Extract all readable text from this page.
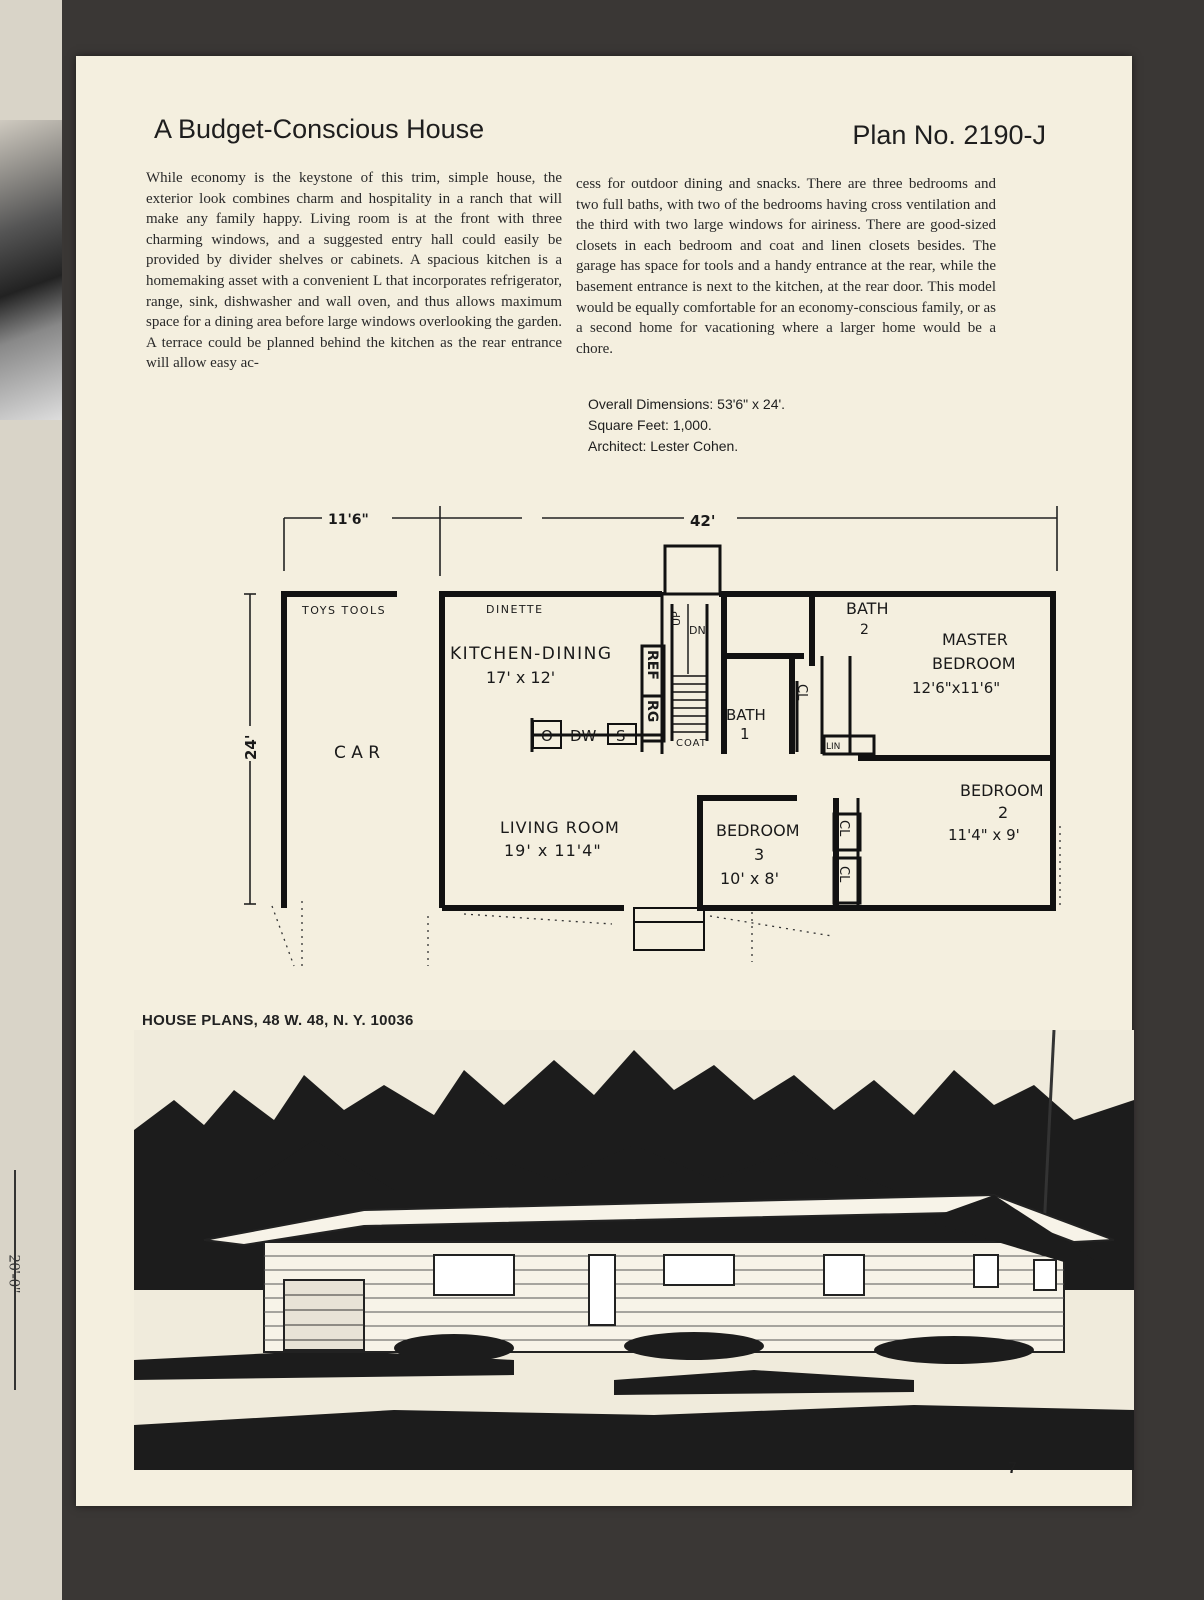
20'-0"
A Budget-Conscious House	Plan No. 2190-J
While economy is the keystone of this trim, simple house, the exterior look combines charm and hospitality in a ranch that will make any family happy. Living room is at the front with three charming windows, and a suggested entry hall could easily be provided by divider shelves or cabinets. A spacious kitchen is a homemaking asset with a convenient L that incorporates refrigerator, range, sink, dishwasher and wall oven, and thus allows maximum space for a dining area before large windows overlooking the garden. A terrace could be planned behind the kitchen as the rear entrance will allow easy ac-
cess for outdoor dining and snacks. There are three bedrooms and two full baths, with two of the bedrooms having cross ventilation and the third with two large windows for airiness. There are good-sized closets in each bedroom and coat and linen closets besides. The garage has space for tools and a handy entrance at the rear, while the basement entrance is next to the kitchen, at the rear door. This model would be equally comfortable for an economy-conscious family, or as a second home for vacationing where a larger home would be a chore.
Overall Dimensions: 53'6" x 24'.
Square Feet: 1,000.
Architect: Lester Cohen.
11'6"	42'
24'
TOYS TOOLS
C A R
DINETTE
KITCHEN-DINING
17' x 12'	REF
RG
O DW S
UP
DN
COAT
BATH
2
BATH
1
CL
LIN
MASTER
BEDROOM
12'6"x11'6"
LIVING ROOM
19' x 11'4"
BEDROOM
3
10' x 8'
CL
CL
BEDROOM
2
11'4" x 9'
HOUSE PLANS, 48 W. 48, N. Y. 10036
7
